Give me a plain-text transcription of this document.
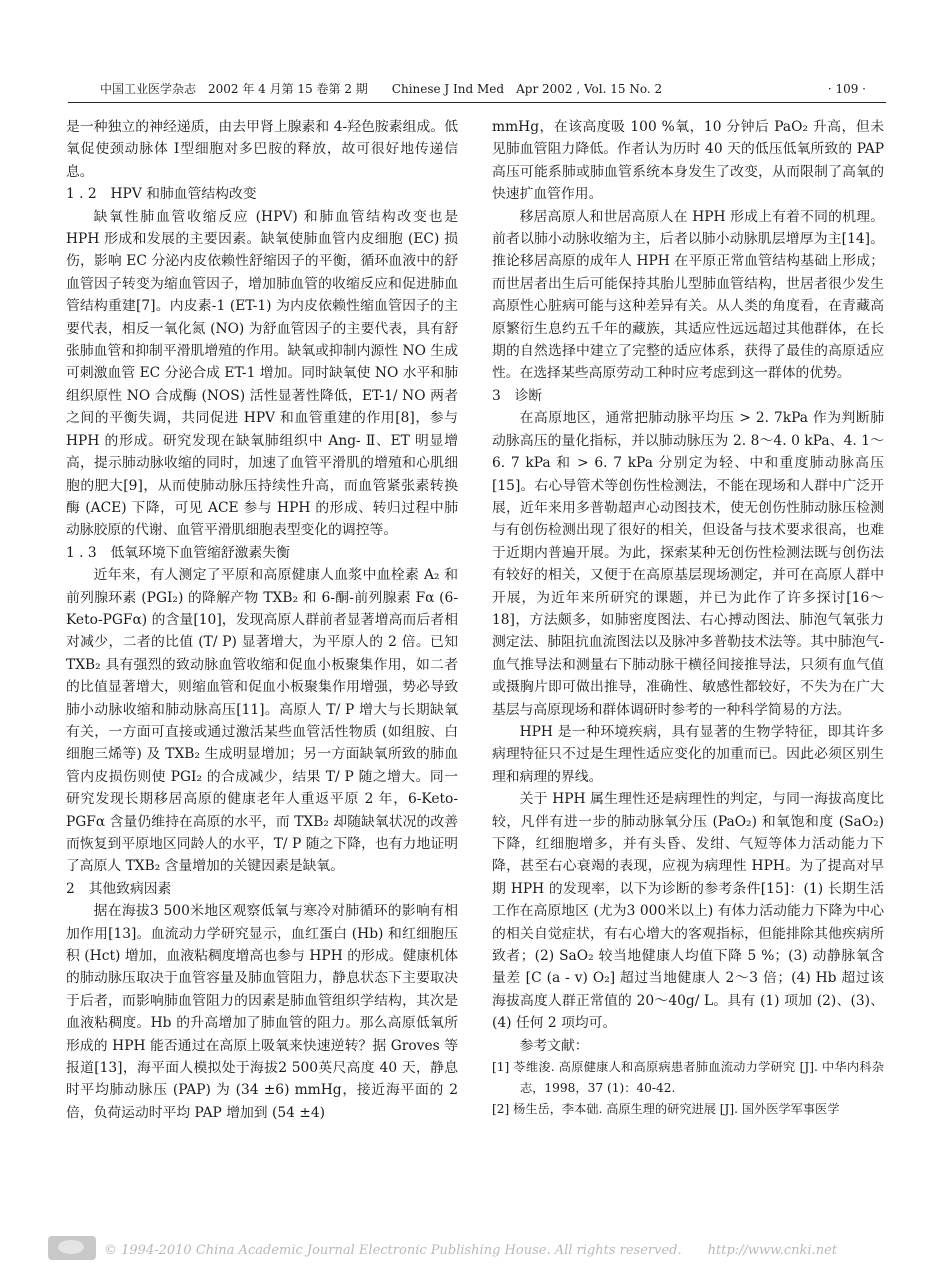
中国工业医学杂志　2002 年 4 月第 15 卷第 2 期　　Chinese J Ind Med　Apr 2002 , Vol. 15 No. 2	· 109 ·

是一种独立的神经递质，由去甲肾上腺素和 4-羟色胺素组成。低氧促使颈动脉体 Ⅰ型细胞对多巴胺的释放，故可很好地传递信息。

1 . 2　HPV 和肺血管结构改变

缺氧性肺血管收缩反应 (HPV) 和肺血管结构改变也是 HPH 形成和发展的主要因素。缺氧使肺血管内皮细胞 (EC) 损伤，影响 EC 分泌内皮依赖性舒缩因子的平衡，循环血液中的舒血管因子转变为缩血管因子，增加肺血管的收缩反应和促进肺血管结构重建[7]。内皮素-1 (ET-1) 为内皮依赖性缩血管因子的主要代表，相反一氧化氮 (NO) 为舒血管因子的主要代表，具有舒张肺血管和抑制平滑肌增殖的作用。缺氧或抑制内源性 NO 生成可刺激血管 EC 分泌合成 ET-1 增加。同时缺氧使 NO 水平和肺组织原性 NO 合成酶 (NOS) 活性显著性降低，ET-1/ NO 两者之间的平衡失调，共同促进 HPV 和血管重建的作用[8]，参与 HPH 的形成。研究发现在缺氧肺组织中 Ang- Ⅱ、ET 明显增高，提示肺动脉收缩的同时，加速了血管平滑肌的增殖和心肌细胞的肥大[9]，从而使肺动脉压持续性升高，而血管紧张素转换酶 (ACE) 下降，可见 ACE 参与 HPH 的形成、转归过程中肺动脉胶原的代谢、血管平滑肌细胞表型变化的调控等。

1 . 3　低氧环境下血管缩舒激素失衡

近年来，有人测定了平原和高原健康人血浆中血栓素 A₂ 和前列腺环素 (PGI₂) 的降解产物 TXB₂ 和 6-酮-前列腺素 Fα (6-Keto-PGFα) 的含量[10]，发现高原人群前者显著增高而后者相对减少，二者的比值 (T/ P) 显著增大，为平原人的 2 倍。已知 TXB₂ 具有强烈的致动脉血管收缩和促血小板聚集作用，如二者的比值显著增大，则缩血管和促血小板聚集作用增强，势必导致肺小动脉收缩和肺动脉高压[11]。高原人 T/ P 增大与长期缺氧有关，一方面可直接或通过激活某些血管活性物质 (如组胺、白细胞三烯等) 及 TXB₂ 生成明显增加；另一方面缺氧所致的肺血管内皮损伤则使 PGI₂ 的合成减少，结果 T/ P 随之增大。同一研究发现长期移居高原的健康老年人重返平原 2 年，6-Keto-PGFα 含量仍维持在高原的水平，而 TXB₂ 却随缺氧状况的改善而恢复到平原地区同龄人的水平，T/ P 随之下降，也有力地证明了高原人 TXB₂ 含量增加的关键因素是缺氧。

2　其他致病因素

据在海拔3 500米地区观察低氧与寒冷对肺循环的影响有相加作用[13]。血流动力学研究显示，血红蛋白 (Hb) 和红细胞压积 (Hct) 增加，血液粘稠度增高也参与 HPH 的形成。健康机体的肺动脉压取决于血管容量及肺血管阻力，静息状态下主要取决于后者，而影响肺血管阻力的因素是肺血管组织学结构，其次是血液粘稠度。Hb 的升高增加了肺血管的阻力。那么高原低氧所形成的 HPH 能否通过在高原上吸氧来快速逆转？据 Groves 等报道[13]，海平面人模拟处于海拔2 500英尺高度 40 天，静息时平均肺动脉压 (PAP) 为 (34 ±6) mmHg，接近海平面的 2 倍，负荷运动时平均 PAP 增加到 (54 ±4)

mmHg，在该高度吸 100 %氧，10 分钟后 PaO₂ 升高，但未见肺血管阻力降低。作者认为历时 40 天的低压低氧所致的 PAP 高压可能系肺或肺血管系统本身发生了改变，从而限制了高氧的快速扩血管作用。

移居高原人和世居高原人在 HPH 形成上有着不同的机理。前者以肺小动脉收缩为主，后者以肺小动脉肌层增厚为主[14]。推论移居高原的成年人 HPH 在平原正常血管结构基础上形成；而世居者出生后可能保持其胎儿型肺血管结构，世居者很少发生高原性心脏病可能与这种差异有关。从人类的角度看，在青藏高原繁衍生息约五千年的藏族，其适应性远远超过其他群体，在长期的自然选择中建立了完整的适应体系，获得了最佳的高原适应性。在选择某些高原劳动工种时应考虑到这一群体的优势。

3　诊断

在高原地区，通常把肺动脉平均压 > 2. 7kPa 作为判断肺动脉高压的量化指标，并以肺动脉压为 2. 8～4. 0 kPa、4. 1～6. 7 kPa 和 > 6. 7 kPa 分别定为轻、中和重度肺动脉高压[15]。右心导管术等创伤性检测法，不能在现场和人群中广泛开展，近年来用多普勒超声心动图技术，使无创伤性肺动脉压检测与有创伤检测出现了很好的相关，但设备与技术要求很高，也难于近期内普遍开展。为此，探索某种无创伤性检测法既与创伤法有较好的相关，又便于在高原基层现场测定，并可在高原人群中开展，为近年来所研究的课题，并已为此作了许多探讨[16～18]，方法颇多，如肺密度图法、右心搏动图法、肺泡气氧张力测定法、肺阻抗血流图法以及脉冲多普勒技术法等。其中肺泡气-血气推导法和测量右下肺动脉干横径间接推导法，只须有血气值或摄胸片即可做出推导，准确性、敏感性都较好，不失为在广大基层与高原现场和群体调研时参考的一种科学简易的方法。

HPH 是一种环境疾病，具有显著的生物学特征，即其许多病理特征只不过是生理性适应变化的加重而已。因此必须区别生理和病理的界线。

关于 HPH 属生理性还是病理性的判定，与同一海拔高度比较，凡伴有进一步的肺动脉氧分压 (PaO₂) 和氧饱和度 (SaO₂) 下降，红细胞增多，并有头昏、发绀、气短等体力活动能力下降，甚至右心衰竭的表现，应视为病理性 HPH。为了提高对早期 HPH 的发现率，以下为诊断的参考条件[15]：(1) 长期生活工作在高原地区 (尤为3 000米以上) 有体力活动能力下降为中心的相关自觉症状，有右心增大的客观指标，但能排除其他疾病所致者；(2) SaO₂ 较当地健康人均值下降 5 %；(3) 动静脉氧含量差 [C (a - v) O₂] 超过当地健康人 2～3 倍；(4) Hb 超过该海拔高度人群正常值的 20～40g/ L。具有 (1) 项加 (2)、(3)、(4) 任何 2 项均可。

参考文献：

[1] 苓维浚. 高原健康人和高原病患者肺血流动力学研究 [J]. 中华内科杂志，1998，37 (1)：40-42.
[2] 杨生岳，李本础. 高原生理的研究进展 [J]. 国外医学军事医学
© 1994-2010 China Academic Journal Electronic Publishing House. All rights reserved.　　http://www.cnki.net
